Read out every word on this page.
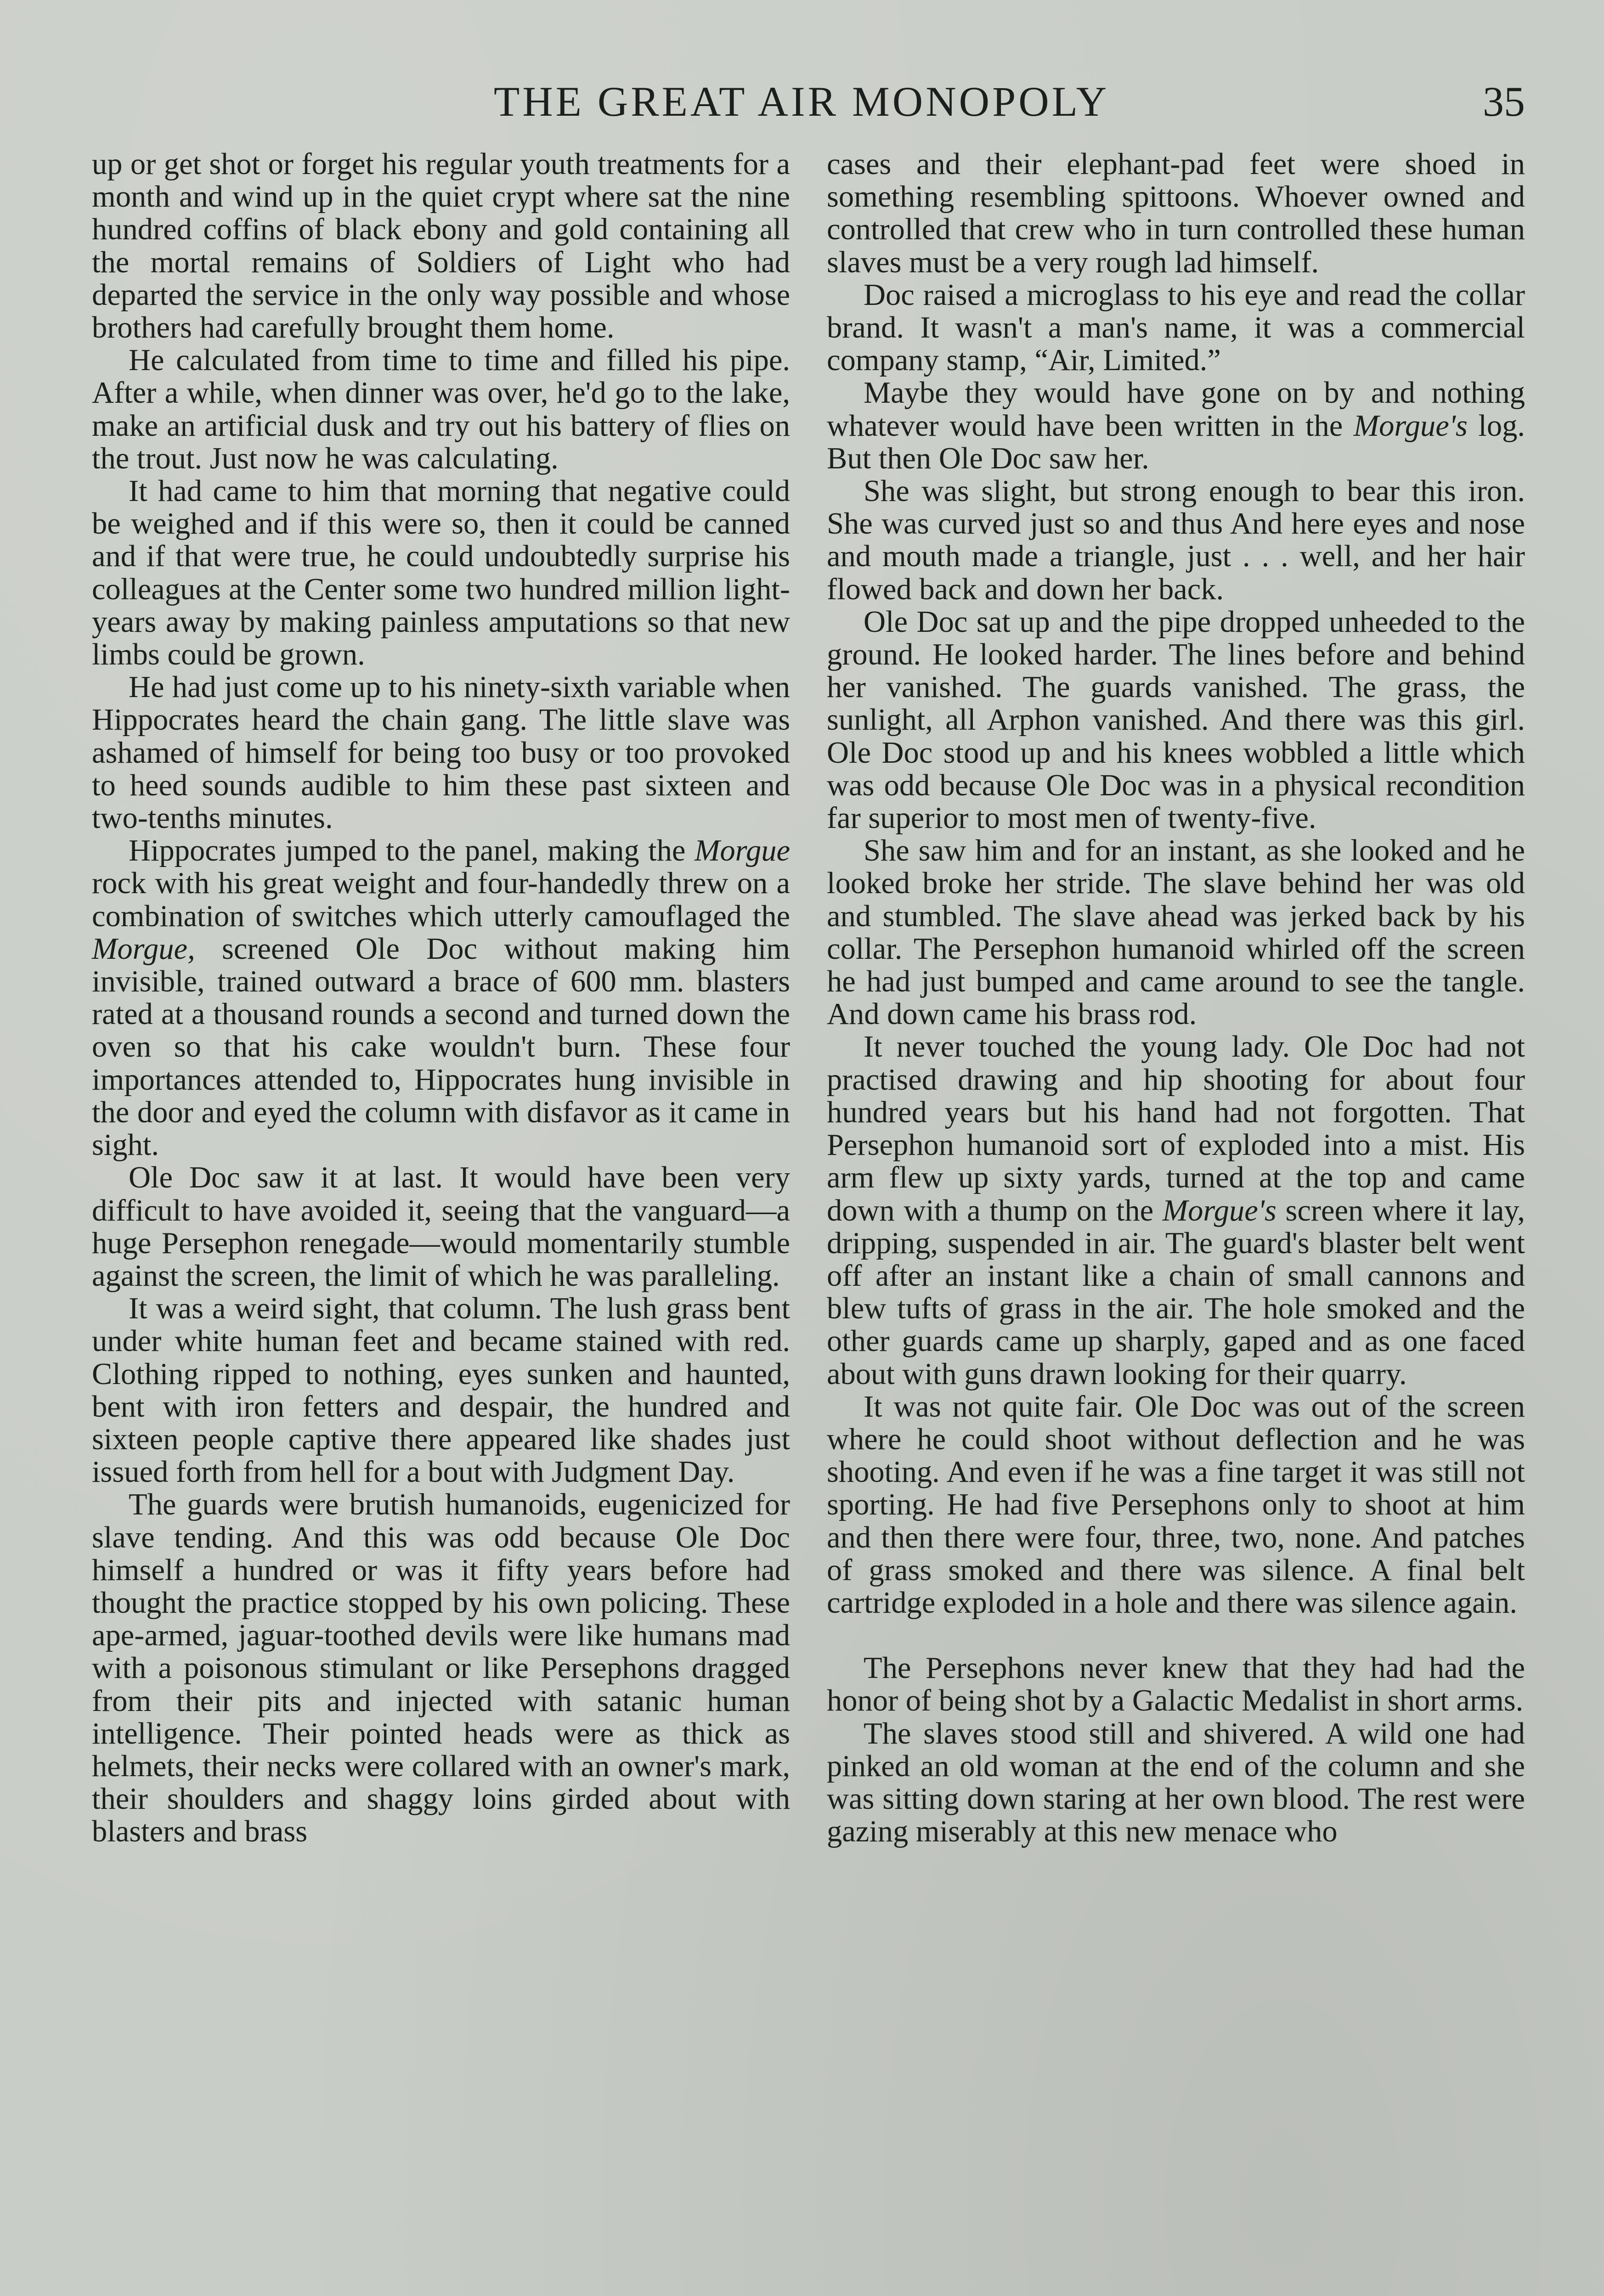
THE GREAT AIR MONOPOLY	35

up or get shot or forget his regular youth treatments for a month and wind up in the quiet crypt where sat the nine hundred coffins of black ebony and gold containing all the mortal remains of Soldiers of Light who had departed the service in the only way possible and whose brothers had carefully brought them home.

He calculated from time to time and filled his pipe. After a while, when dinner was over, he'd go to the lake, make an artificial dusk and try out his battery of flies on the trout. Just now he was calculating.

It had came to him that morning that negative could be weighed and if this were so, then it could be canned and if that were true, he could undoubtedly surprise his colleagues at the Center some two hundred million light-years away by making painless amputations so that new limbs could be grown.

He had just come up to his ninety-sixth variable when Hippocrates heard the chain gang. The little slave was ashamed of himself for being too busy or too provoked to heed sounds audible to him these past sixteen and two-tenths minutes.

Hippocrates jumped to the panel, making the Morgue rock with his great weight and four-handedly threw on a combination of switches which utterly camouflaged the Morgue, screened Ole Doc without making him invisible, trained outward a brace of 600 mm. blasters rated at a thousand rounds a second and turned down the oven so that his cake wouldn't burn. These four importances attended to, Hippocrates hung invisible in the door and eyed the column with disfavor as it came in sight.

Ole Doc saw it at last. It would have been very difficult to have avoided it, seeing that the vanguard—a huge Persephon renegade—would momentarily stumble against the screen, the limit of which he was paralleling.

It was a weird sight, that column. The lush grass bent under white human feet and became stained with red. Clothing ripped to nothing, eyes sunken and haunted, bent with iron fetters and despair, the hundred and sixteen people captive there appeared like shades just issued forth from hell for a bout with Judgment Day.

The guards were brutish humanoids, eugenicized for slave tending. And this was odd because Ole Doc himself a hundred or was it fifty years before had thought the practice stopped by his own policing. These ape-armed, jaguar-toothed devils were like humans mad with a poisonous stimulant or like Persephons dragged from their pits and injected with satanic human intelligence. Their pointed heads were as thick as helmets, their necks were collared with an owner's mark, their shoulders and shaggy loins girded about with blasters and brass

cases and their elephant-pad feet were shoed in something resembling spittoons. Whoever owned and controlled that crew who in turn controlled these human slaves must be a very rough lad himself.

Doc raised a microglass to his eye and read the collar brand. It wasn't a man's name, it was a commercial company stamp, “Air, Limited.”

Maybe they would have gone on by and nothing whatever would have been written in the Morgue's log. But then Ole Doc saw her.

She was slight, but strong enough to bear this iron. She was curved just so and thus And here eyes and nose and mouth made a triangle, just . . . well, and her hair flowed back and down her back.

Ole Doc sat up and the pipe dropped unheeded to the ground. He looked harder. The lines before and behind her vanished. The guards vanished. The grass, the sunlight, all Arphon vanished. And there was this girl. Ole Doc stood up and his knees wobbled a little which was odd because Ole Doc was in a physical recondition far superior to most men of twenty-five.

She saw him and for an instant, as she looked and he looked broke her stride. The slave behind her was old and stumbled. The slave ahead was jerked back by his collar. The Persephon humanoid whirled off the screen he had just bumped and came around to see the tangle. And down came his brass rod.

It never touched the young lady. Ole Doc had not practised drawing and hip shooting for about four hundred years but his hand had not forgotten. That Persephon humanoid sort of exploded into a mist. His arm flew up sixty yards, turned at the top and came down with a thump on the Morgue's screen where it lay, dripping, suspended in air. The guard's blaster belt went off after an instant like a chain of small cannons and blew tufts of grass in the air. The hole smoked and the other guards came up sharply, gaped and as one faced about with guns drawn looking for their quarry.

It was not quite fair. Ole Doc was out of the screen where he could shoot without deflection and he was shooting. And even if he was a fine target it was still not sporting. He had five Persephons only to shoot at him and then there were four, three, two, none. And patches of grass smoked and there was silence. A final belt cartridge exploded in a hole and there was silence again.

The Persephons never knew that they had had the honor of being shot by a Galactic Medalist in short arms.

The slaves stood still and shivered. A wild one had pinked an old woman at the end of the column and she was sitting down staring at her own blood. The rest were gazing miserably at this new menace who
